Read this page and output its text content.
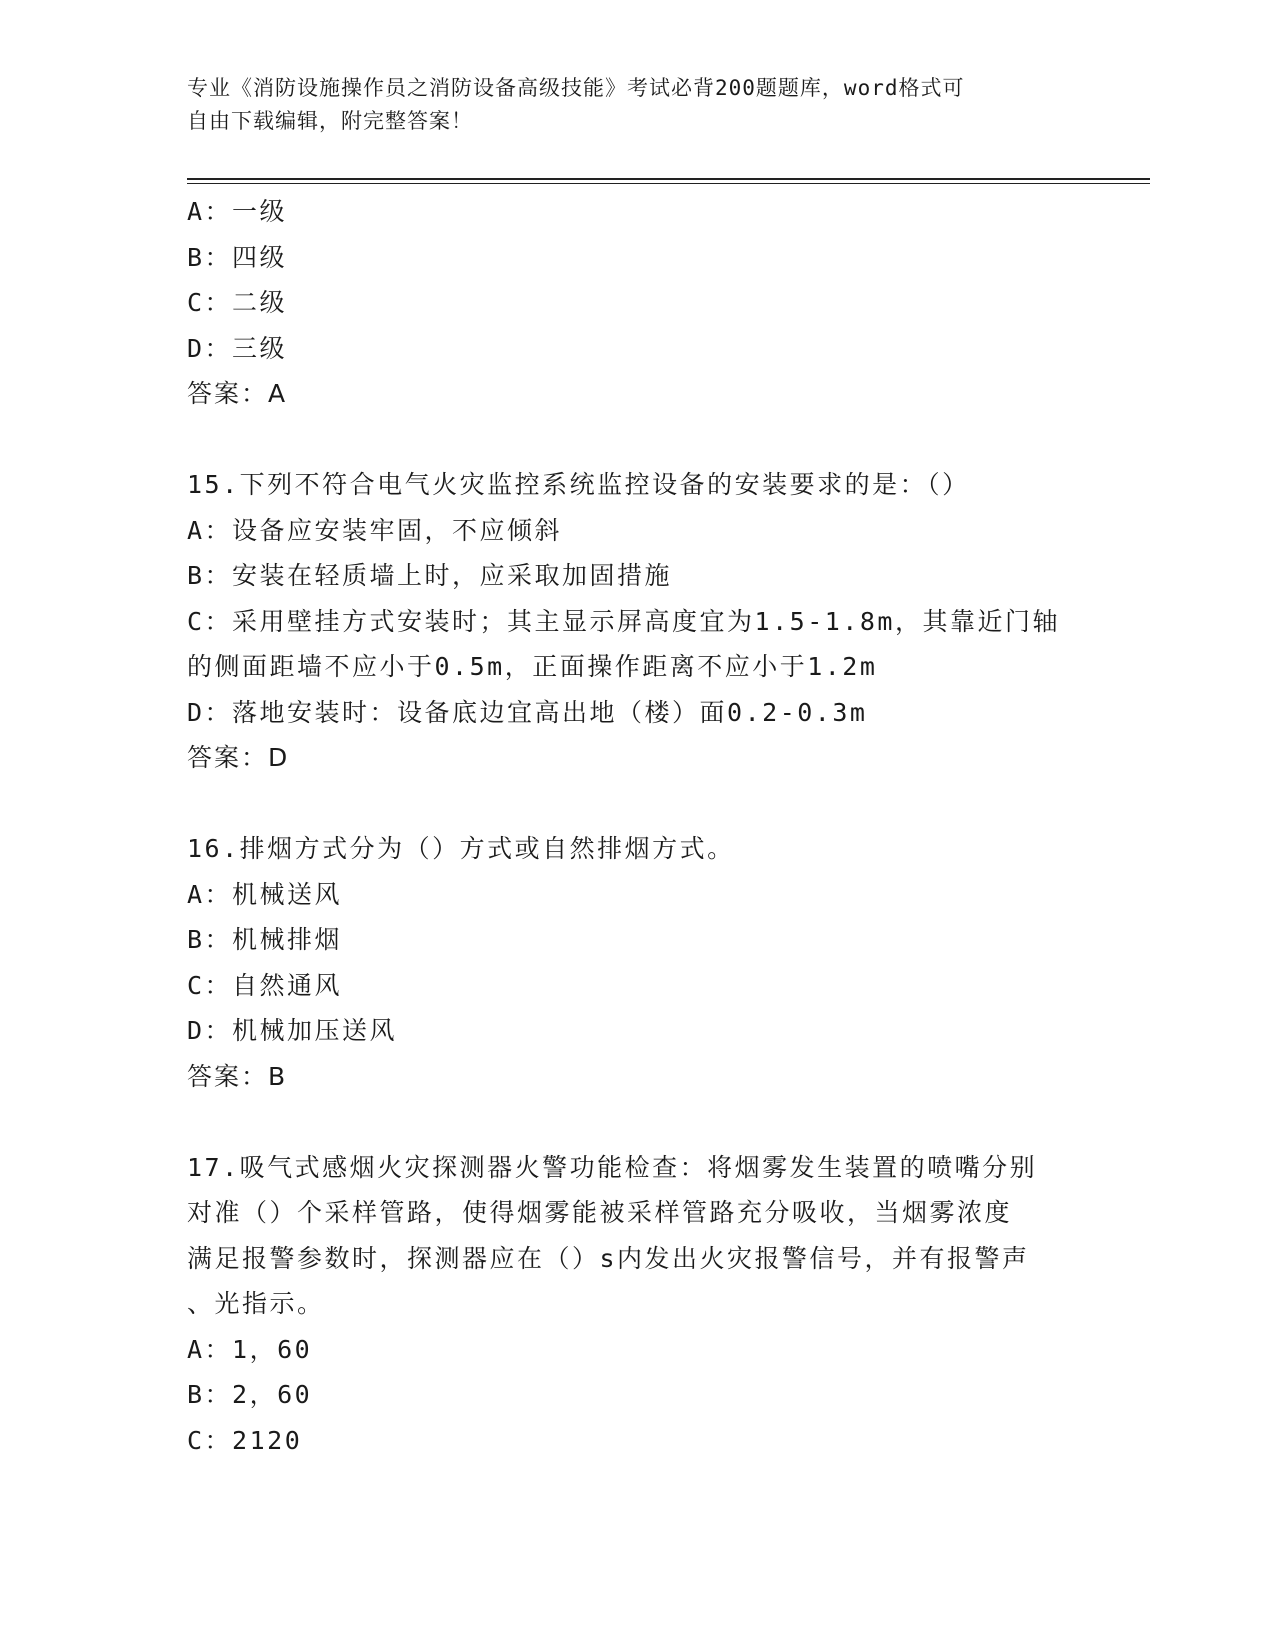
专业《消防设施操作员之消防设备高级技能》考试必背200题题库，word格式可

自由下载编辑，附完整答案！

A：一级

B：四级

C：二级

D：三级

答案：A

15.下列不符合电气火灾监控系统监控设备的安装要求的是：（）

A：设备应安装牢固，不应倾斜

B：安装在轻质墙上时，应采取加固措施

C：采用壁挂方式安装时；其主显示屏高度宜为1.5-1.8m，其靠近门轴

的侧面距墙不应小于0.5m，正面操作距离不应小于1.2m

D：落地安装时：设备底边宜高出地（楼）面0.2-0.3m

答案：D

16.排烟方式分为（）方式或自然排烟方式。

A：机械送风

B：机械排烟

C：自然通风

D：机械加压送风

答案：B

17.吸气式感烟火灾探测器火警功能检查：将烟雾发生装置的喷嘴分别

对准（）个采样管路，使得烟雾能被采样管路充分吸收，当烟雾浓度

满足报警参数时，探测器应在（）s内发出火灾报警信号，并有报警声

、光指示。

A：1，60

B：2，60

C：2120
